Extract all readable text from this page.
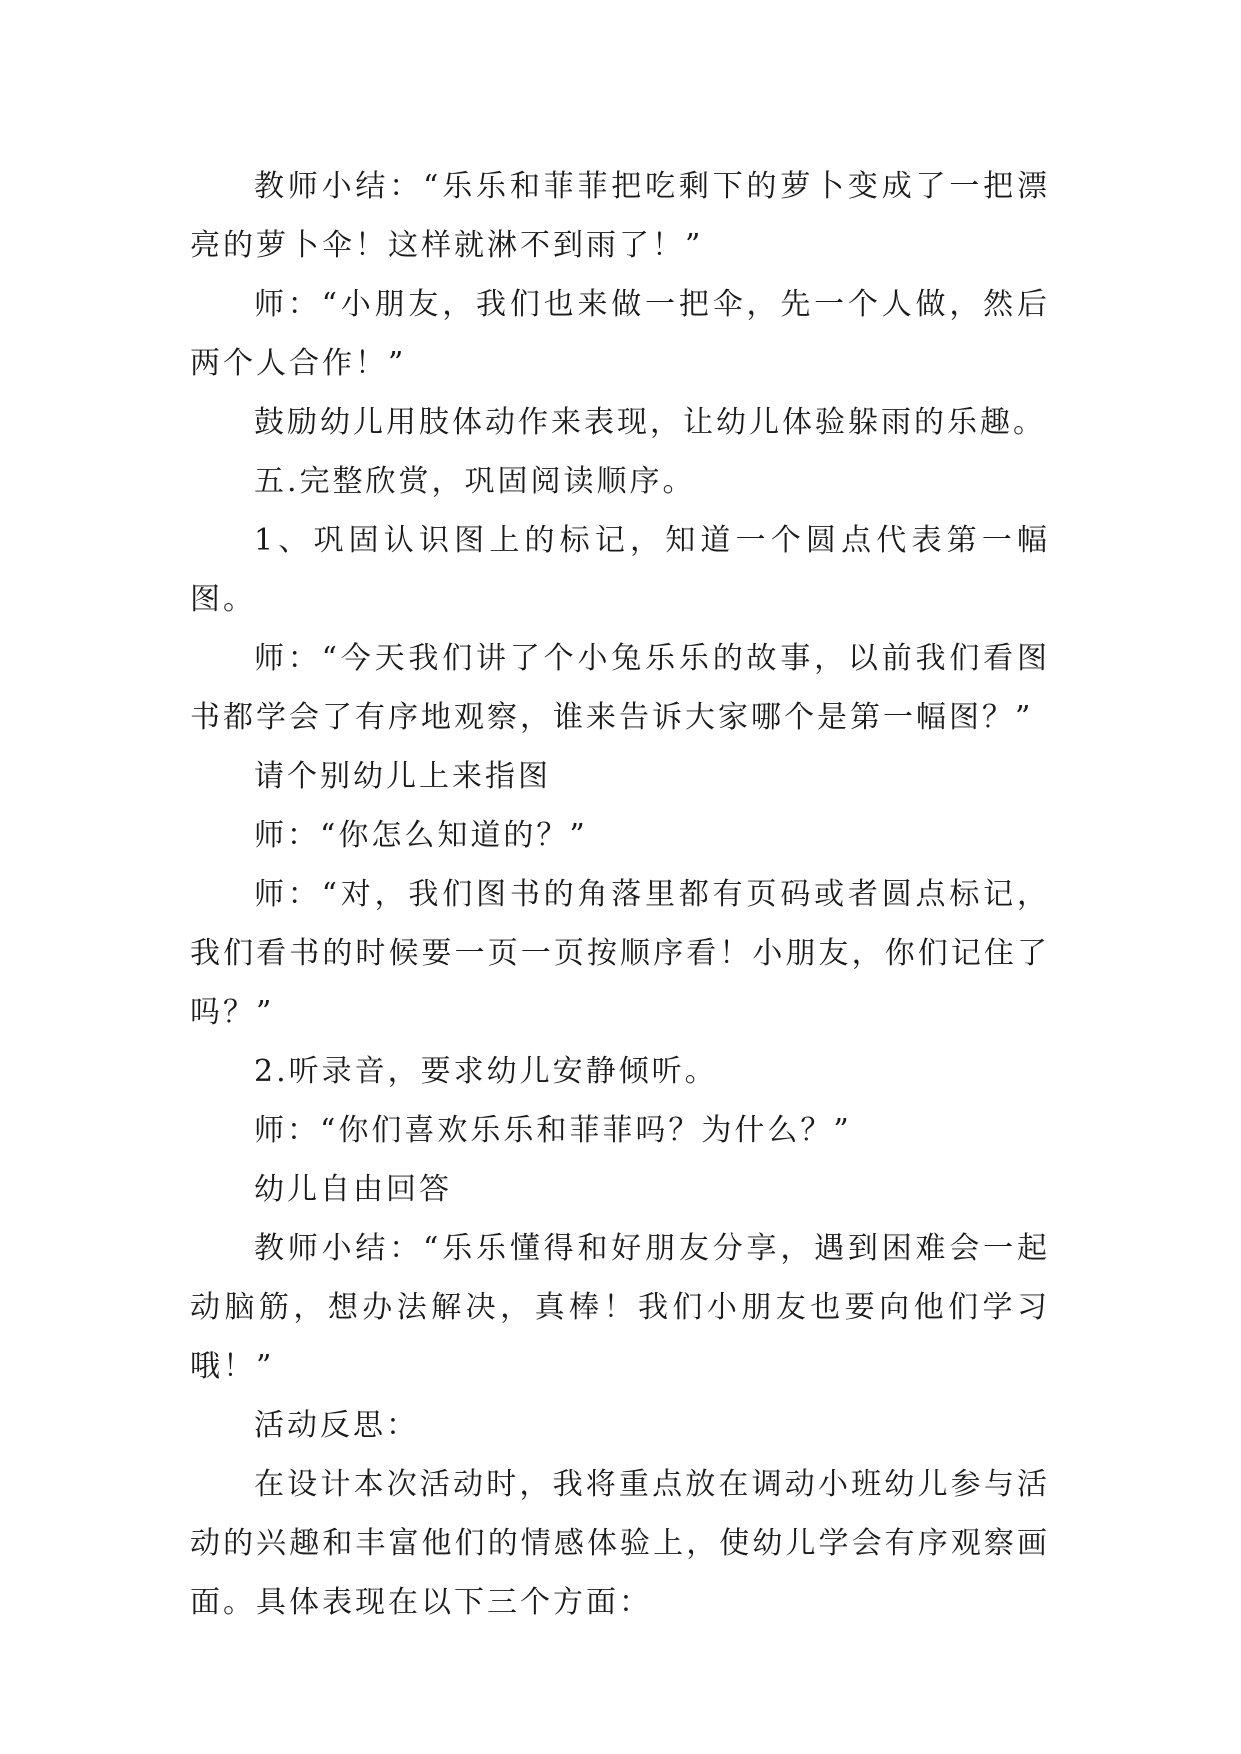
教师小结：“乐乐和菲菲把吃剩下的萝卜变成了一把漂亮的萝卜伞！这样就淋不到雨了！”

师：“小朋友，我们也来做一把伞，先一个人做，然后两个人合作！”

鼓励幼儿用肢体动作来表现，让幼儿体验躲雨的乐趣。

五.完整欣赏，巩固阅读顺序。

1、巩固认识图上的标记，知道一个圆点代表第一幅图。

师：“今天我们讲了个小兔乐乐的故事，以前我们看图书都学会了有序地观察，谁来告诉大家哪个是第一幅图？”

请个别幼儿上来指图

师：“你怎么知道的？”

师：“对，我们图书的角落里都有页码或者圆点标记，我们看书的时候要一页一页按顺序看！小朋友，你们记住了吗？”

2.听录音，要求幼儿安静倾听。

师：“你们喜欢乐乐和菲菲吗？为什么？”

幼儿自由回答

教师小结：“乐乐懂得和好朋友分享，遇到困难会一起动脑筋，想办法解决，真棒！我们小朋友也要向他们学习哦！”

活动反思：

在设计本次活动时，我将重点放在调动小班幼儿参与活动的兴趣和丰富他们的情感体验上，使幼儿学会有序观察画面。具体表现在以下三个方面：
